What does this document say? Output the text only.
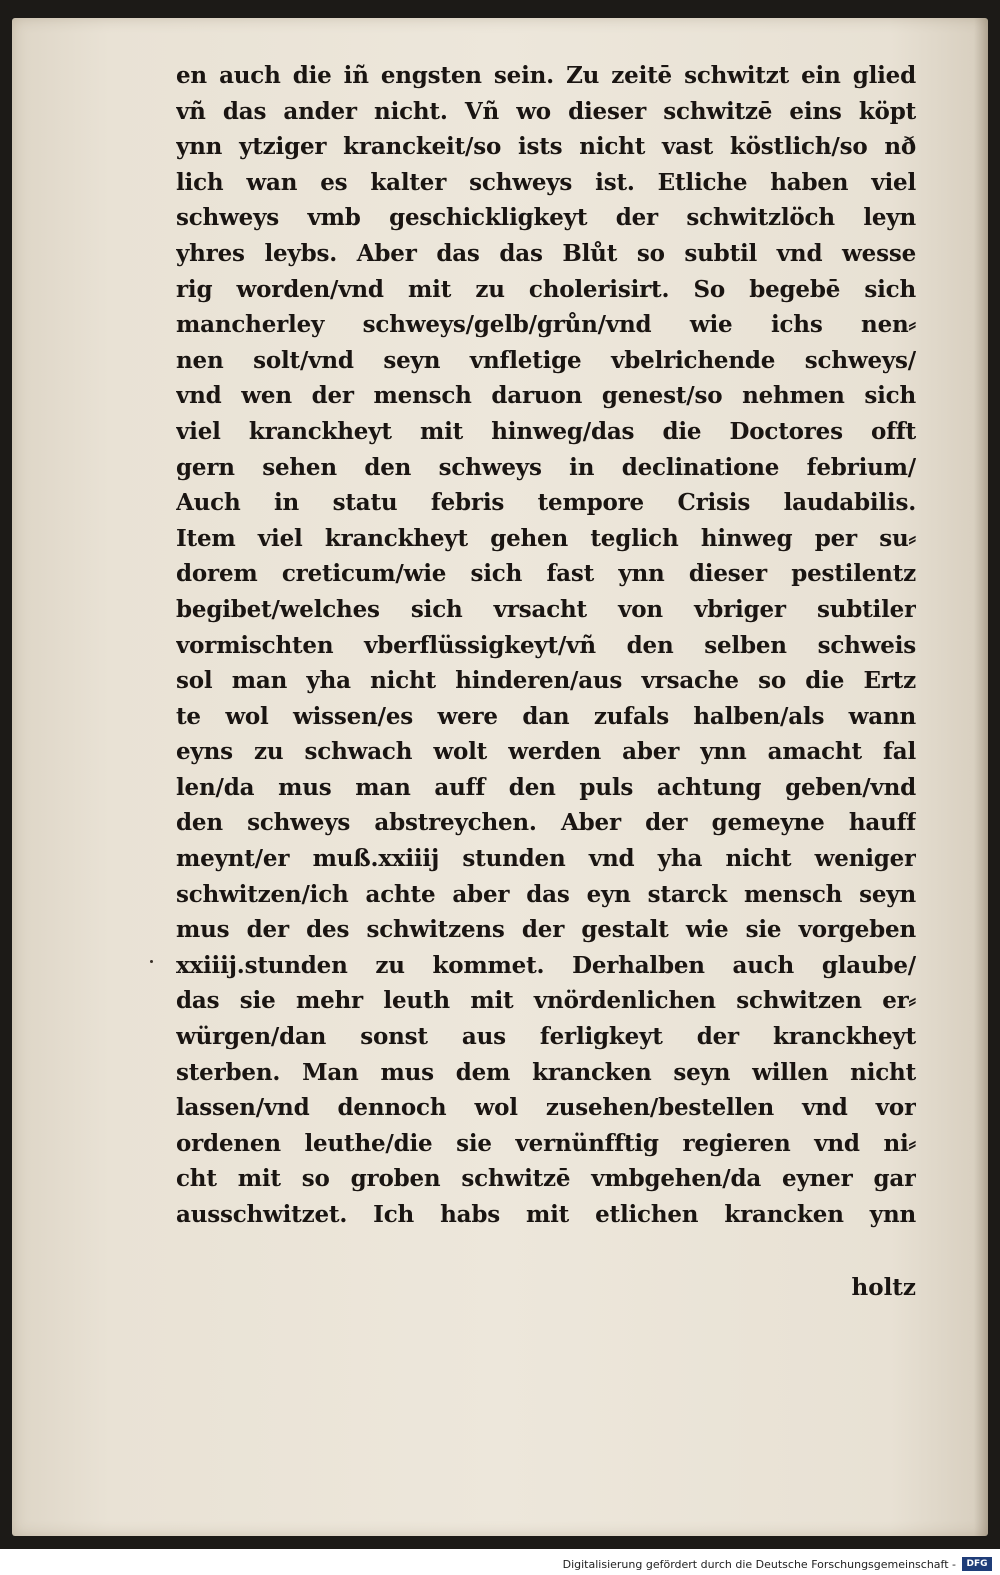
en auch die iñ engsten sein. Zu zeitē schwitzt ein glied
vñ das ander nicht. Vñ wo dieser schwitzē eins köpt
ynn ytziger kranckeit/so ists nicht vast köstlich/so nð
lich wan es kalter schweys ist. Etliche haben viel
schweys vmb geschickligkeyt der schwitzlöch leyn
yhres leybs. Aber das das Blůt so subtil vnd wesse
rig worden/vnd mit zu cholerisirt. So begebē sich
mancherley schweys/gelb/grůn/vnd wie ichs nen⸗
nen solt/vnd seyn vnfletige vbelrichende schweys/
vnd wen der mensch daruon genest/so nehmen sich
viel kranckheyt mit hinweg/das die Doctores offt
gern sehen den schweys in declinatione febrium/
Auch in statu febris tempore Crisis laudabilis.
Item viel kranckheyt gehen teglich hinweg per su⸗
dorem creticum/wie sich fast ynn dieser pestilentz
begibet/welches sich vrsacht von vbriger subtiler
vormischten vberflüssigkeyt/vñ den selben schweis
sol man yha nicht hinderen/aus vrsache so die Ertz
te wol wissen/es were dan zufals halben/als wann
eyns zu schwach wolt werden aber ynn amacht fal
len/da mus man auff den puls achtung geben/vnd
den schweys abstreychen. Aber der gemeyne hauff
meynt/er muß.xxiiij stunden vnd yha nicht weniger
schwitzen/ich achte aber das eyn starck mensch seyn
mus der des schwitzens der gestalt wie sie vorgeben
xxiiij.stunden zu kommet. Derhalben auch glaube/
das sie mehr leuth mit vnördenlichen schwitzen er⸗
würgen/dan sonst aus ferligkeyt der kranckheyt
sterben. Man mus dem krancken seyn willen nicht
lassen/vnd dennoch wol zusehen/bestellen vnd vor
ordenen leuthe/die sie vernünfftig regieren vnd ni⸗
cht mit so groben schwitzē vmbgehen/da eyner gar
ausschwitzet. Ich habs mit etlichen krancken ynn
holtz
Digitalisierung gefördert durch die Deutsche Forschungsgemeinschaft -	DFG
